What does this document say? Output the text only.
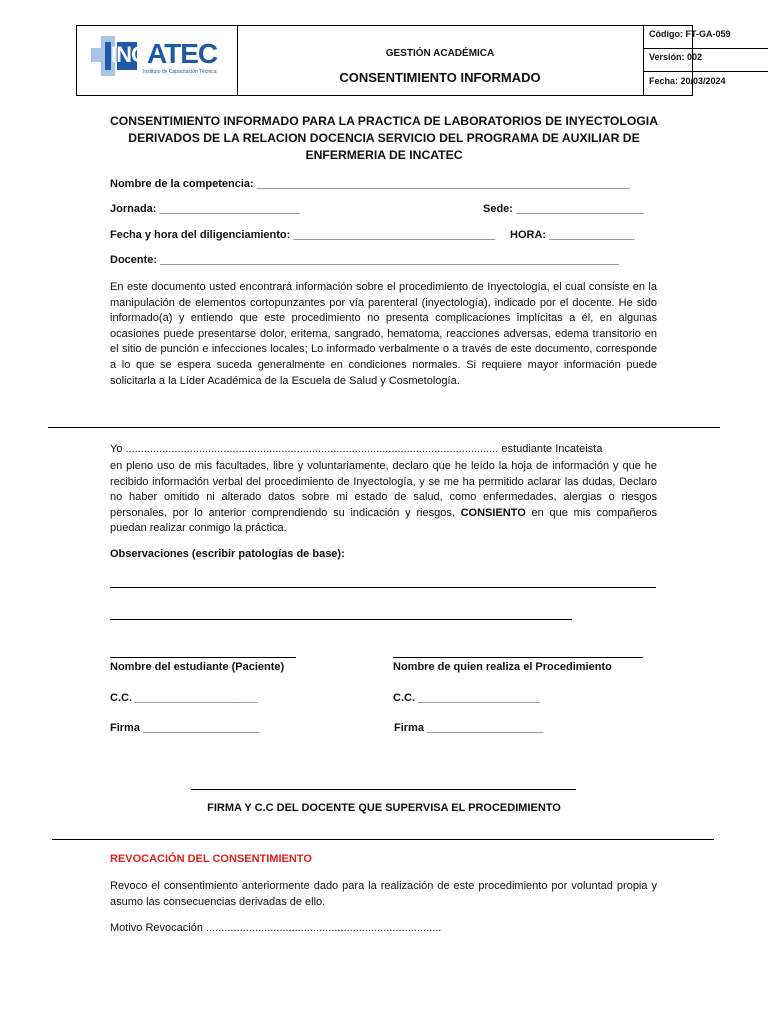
INC ATEC
Instituto de Capacitación Técnica
GESTIÓN ACADÉMICA
CONSENTIMIENTO INFORMADO
Código: FT-GA-059
Versión: 002
Fecha: 20/03/2024
CONSENTIMIENTO INFORMADO PARA LA PRACTICA DE LABORATORIOS DE INYECTOLOGIA DERIVADOS DE LA RELACION DOCENCIA SERVICIO DEL PROGRAMA DE AUXILIAR DE ENFERMERIA DE INCATEC
Nombre de la competencia: _____________________________________________________________
Jornada: _______________________	Sede: _____________________
Fecha y hora del diligenciamiento: _________________________________ HORA: ______________
Docente: ___________________________________________________________________________
En este documento usted encontrará información sobre el procedimiento de Inyectología, el cual consiste en la manipulación de elementos cortopunzantes por vía parenteral (inyectología), indicado por el docente. He sido informado(a) y entiendo que este procedimiento no presenta complicaciones implícitas a él, en algunas ocasiones puede presentarse dolor, eritema, sangrado, hematoma, reacciones adversas, edema transitorio en el sitio de punción e infecciones locales; Lo informado verbalmente o a través de este documento, corresponde a lo que se espera suceda generalmente en condiciones normales. Si requiere mayor información puede solicitarla a la Líder Académica de la Escuela de Salud y Cosmetología.
Yo .......................................................................................................................... estudiante Incateista
en pleno uso de mis facultades, libre y voluntariamente, declaro que he leído la hoja de información y que he recibido información verbal del procedimiento de Inyectología, y se me ha permitido aclarar las dudas, Declaro no haber omitido ni alterado datos sobre mi estado de salud, como enfermedades, alergias o riesgos personales, por lo anterior comprendiendo su indicación y riesgos, CONSIENTO en que mis compañeros puedan realizar conmigo la práctica.
Observaciones (escribir patologías de base):
Nombre del estudiante (Paciente)	Nombre de quien realiza el Procedimiento
C.C. ____________________	C.C. ____________________
Firma ___________________	Firma ___________________
FIRMA Y C.C DEL DOCENTE QUE SUPERVISA EL PROCEDIMIENTO
REVOCACIÓN DEL CONSENTIMIENTO
Revoco el consentimiento anteriormente dado para la realización de este procedimiento por voluntad propia y asumo las consecuencias derivadas de ello.
Motivo Revocación .............................................................................
